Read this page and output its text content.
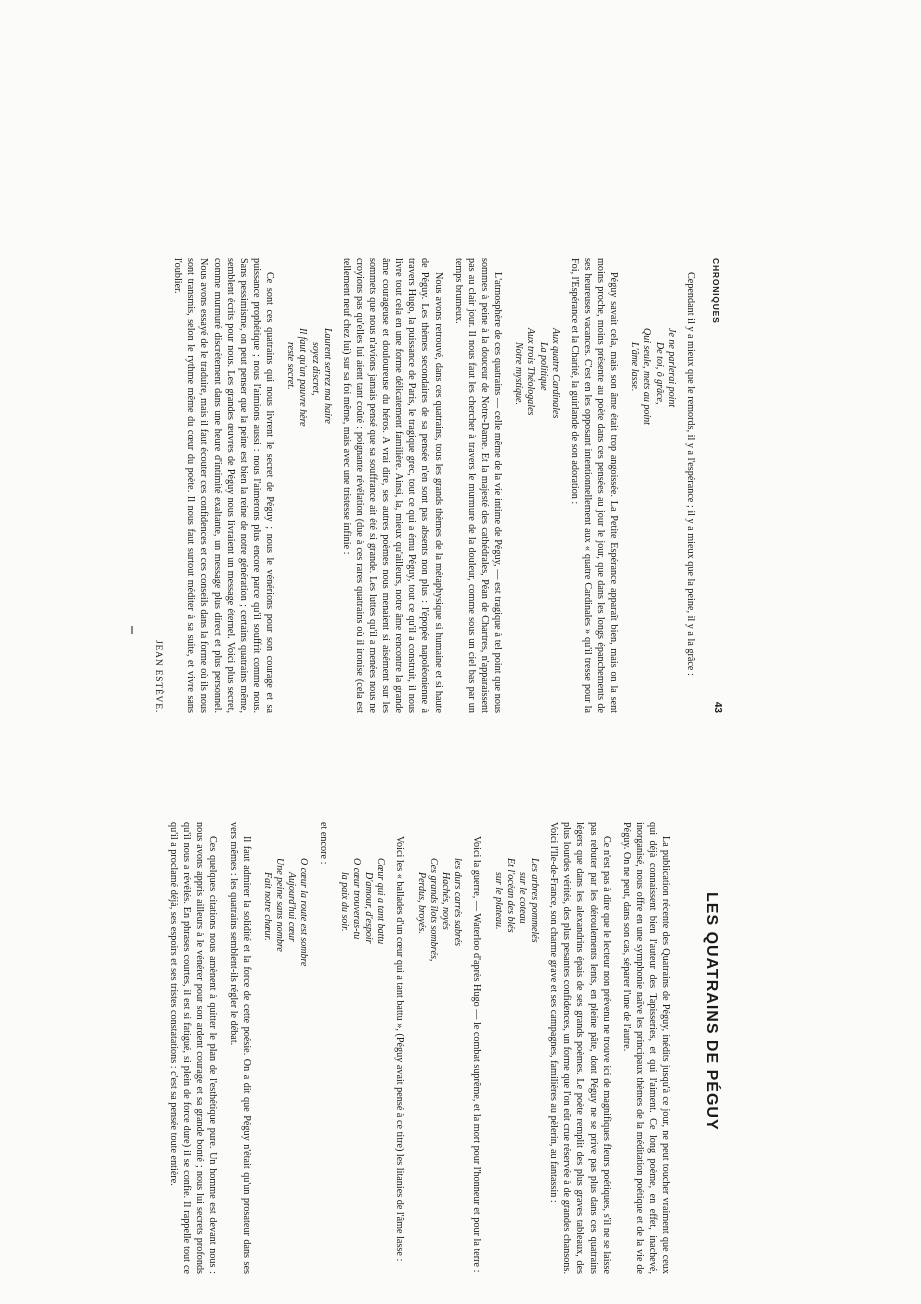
LES QUATRAINS DE PÉGUY

La publication récente des Quatrains de Péguy, inédits jusqu'à ce jour, ne peut toucher vraiment que ceux qui déjà connaissent bien l'auteur des Tapisseries, et qui l'aiment. Ce long poème, en effet, inachevé, inorganisé, nous offre en une symphonie naïve les principaux thèmes de la méditation poétique et de la vie de Péguy. On ne peut, dans son cas, séparer l'une de l'autre.

Ce n'est pas à dire que le lecteur non prévenu ne trouve ici de magnifiques fleurs poétiques, s'il ne se laisse pas rebuter par les déroulements lents, en pleine pâte, dont Péguy ne se prive pas plus dans ces quatrains légers que dans les alexandrins épais de ses grands poèmes. Le poète remplit des plus graves tableaux, des plus lourdes vérités, des plus pesantes confidences, un forme que l'on eût crue réservée à de grandes chansons. Voici l'Ile-de-France, son charme grave et ses campagnes, familières au pèlerin, au fantassin :

Les arbres pommelés
sur le coteau
Et l'océan des blés
sur le plateau.

Voici la guerre, — Waterloo d'après Hugo — le combat suprême, et la mort pour l'honneur et pour la terre :

les durs carrés sabrés
Hachés, noyés
Ces grands îlots sombrés,
Perdus, broyés.

Voici les « ballades d'un cœur qui a tant battu », (Péguy avait pensé à ce titre) les litanies de l'âme lasse :

Cœur qui a tant battu
D'amour, d'espoir
O cœur trouveras-tu
la paix du soir.

et encore :

O cœur la route est sombre
Aujourd'hui cœur
Une peine sans nombre
Fait notre chœur.

Il faut admirer la solidité et la force de cette poésie. On a dit que Péguy n'était qu'un prosateur dans ses vers mêmes : les quatrains semblent-ils régler le débat.

Ces quelques citations nous amènent à quitter le plan de l'esthétique pure. Un homme est devant nous : nous avons appris ailleurs à le vénérer pour son ardent courage et sa grande bonté ; nous lui secrets profonds qu'il nous a révélés. En phrases courtes, il est si fatigué, si plein de force dure) il se confie. Il rappelle tout ce qu'il a proclamé déjà, ses espoirs et ses tristes constatations : c'est sa pensée toute entière.

CHRONIQUES
43

Cependant il y a mieux que le remords, il y a l'espérance ; il y a mieux que la peine, il y a la grâce :

Je ne parlerai point
De toi, ô grâce,
Qui seule, mets au point
L'âme lasse.

Péguy savait cela, mais son âme était trop angoissée. La Petite Espérance apparaît bien, mais on la sent moins proche, moins présente au poète dans ces pensées au jour le jour, que dans les longs épanchements de ses heureuses vacances. C'est en les opposant intentionnellement aux « quatre Cardinales » qu'il tresse pour la Foi, l'Espérance et la Charité, la guirlande de son adoration :

Aux quatre Cardinales
La politique
Aux trois Théologales
Notre mystique.

L'atmosphère de ces quatrains — celle même de la vie intime de Péguy, — est tragique à tel point que nous sommes à peine à la douceur de Notre-Dame. Et la majesté des cathédrales, Péan de Chartres, n'apparaissent pas au clair jour. Il nous faut les chercher à travers le murmure de la douleur, comme sous un ciel bas par un temps brumeux.

Nous avons retrouvé, dans ces quatrains, tous les grands thèmes de la métaphysique si humaine et si haute de Péguy. Les thèmes secondaires de sa pensée n'en sont pas absents non plus : l'épopée napoléonienne à travers Hugo, la puissance de Paris, le tragique grec, tout ce qui a ému Péguy, tout ce qu'il a construit, il nous livre tout cela en une forme délicatement familière. Ainsi, la, mieux qu'ailleurs, notre âme rencontre la grande âme courageuse et douloureuse du héros. A vrai dire, ses autres poèmes nous menaient si aisément sur les sommets que nous n'avions jamais pensé que sa souffrance ait été si grande. Les luttes qu'il a menées nous ne croyions pas qu'elles lui aient tant coûté : poignante révélation (due à ces rares quatrains où il ironise (cela est tellement neuf chez lui) sur sa foi même, mais avec une tristesse infinie :

Laurent serrez ma haire
soyez discret,
Il faut qu'un pauvre hère
reste secret.

Ce sont ces quatrains qui nous livrent le secret de Péguy ; nous le vénérions pour son courage et sa puissance prophétique ; nous l'aimions aussi : nous l'aimerons plus encore parce qu'il souffrit comme nous. Sans pessimisme, on peut penser que la peine est bien la reine de notre génération ; certains quatrains même, semblent écrits pour nous. Les grandes œuvres de Péguy nous livraient un message éternel. Voici plus secret, comme murmuré discrètement dans une heure d'intimité exaltante, un message plus direct et plus personnel. Nous avons essayé de le traduire, mais il faut écouter ces confidences et ces conseils dans la forme où ils nous sont transmis, selon le rythme même du cœur du poète. Il nous faut surtout méditer à sa suite, et vivre sans l'oublier.

JEAN ESTÈVE.
